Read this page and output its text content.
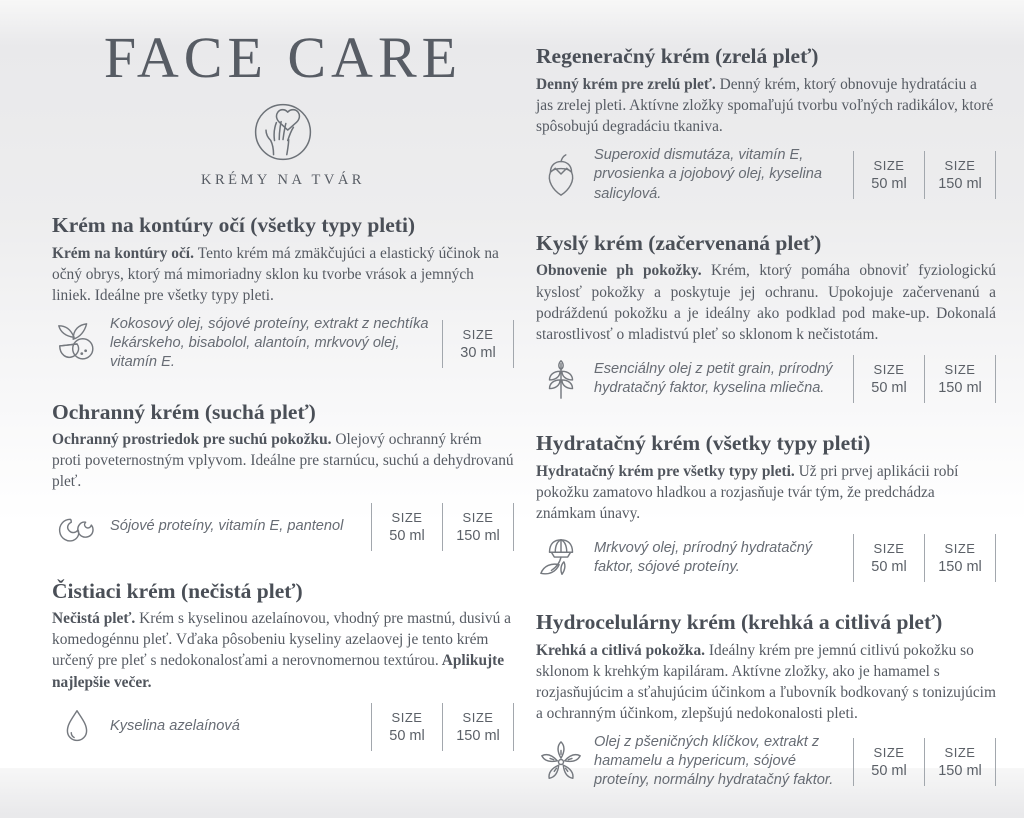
FACE CARE
KRÉMY NA TVÁR
Krém na kontúry očí (všetky typy pleti)

Krém na kontúry očí. Tento krém má zmäkčujúci a elastický účinok na očný obrys, ktorý má mimoriadny sklon ku tvorbe vrások a jemných liniek. Ideálne pre všetky typy pleti.

Kokosový olej, sójové proteíny, extrakt z nechtíka lekárskeho, bisabolol, alantoín, mrkvový olej, vitamín E.
SIZE
30 ml
Ochranný krém (suchá pleť)

Ochranný prostriedok pre suchú pokožku. Olejový ochranný krém proti poveternostným vplyvom. Ideálne pre starnúcu, suchú a dehydrovanú pleť.

Sójové proteíny, vitamín E, pantenol
SIZE
50 ml
SIZE
150 ml
Čistiaci krém (nečistá pleť)

Nečistá pleť. Krém s kyselinou azelaínovou, vhodný pre mastnú, dusivú a komedogénnu pleť. Vďaka pôsobeniu kyseliny azelaovej je tento krém určený pre pleť s nedokonalosťami a nerovnomernou textúrou. Aplikujte najlepšie večer.

Kyselina azelaínová
SIZE
50 ml
SIZE
150 ml
Regeneračný krém (zrelá pleť)

Denný krém pre zrelú pleť. Denný krém, ktorý obnovuje hydratáciu a jas zrelej pleti. Aktívne zložky spomaľujú tvorbu voľných radikálov, ktoré spôsobujú degradáciu tkaniva.

Superoxid dismutáza, vitamín E, prvosienka a jojobový olej, kyselina salicylová.
SIZE
50 ml
SIZE
150 ml
Kyslý krém (začervenaná pleť)

Obnovenie ph pokožky. Krém, ktorý pomáha obnoviť fyziologickú kyslosť pokožky a poskytuje jej ochranu. Upokojuje začervenanú a podráždenú pokožku a je ideálny ako podklad pod make-up. Dokonalá starostlivosť o mladistvú pleť so sklonom k nečistotám.

Esenciálny olej z petit grain, prírodný hydratačný faktor, kyselina mliečna.
SIZE
50 ml
SIZE
150 ml
Hydratačný krém (všetky typy pleti)

Hydratačný krém pre všetky typy pleti. Už pri prvej aplikácii robí pokožku zamatovo hladkou a rozjasňuje tvár tým, že predchádza známkam únavy.

Mrkvový olej, prírodný hydratačný faktor, sójové proteíny.
SIZE
50 ml
SIZE
150 ml
Hydrocelulárny krém (krehká a citlivá pleť)

Krehká a citlivá pokožka. Ideálny krém pre jemnú citlivú pokožku so sklonom k krehkým kapiláram. Aktívne zložky, ako je hamamel s rozjasňujúcim a sťahujúcim účinkom a ľubovník bodkovaný s tonizujúcim a ochranným účinkom, zlepšujú nedokonalosti pleti.

Olej z pšeničných klíčkov, extrakt z hamamelu a hypericum, sójové proteíny, normálny hydratačný faktor.
SIZE
50 ml
SIZE
150 ml
